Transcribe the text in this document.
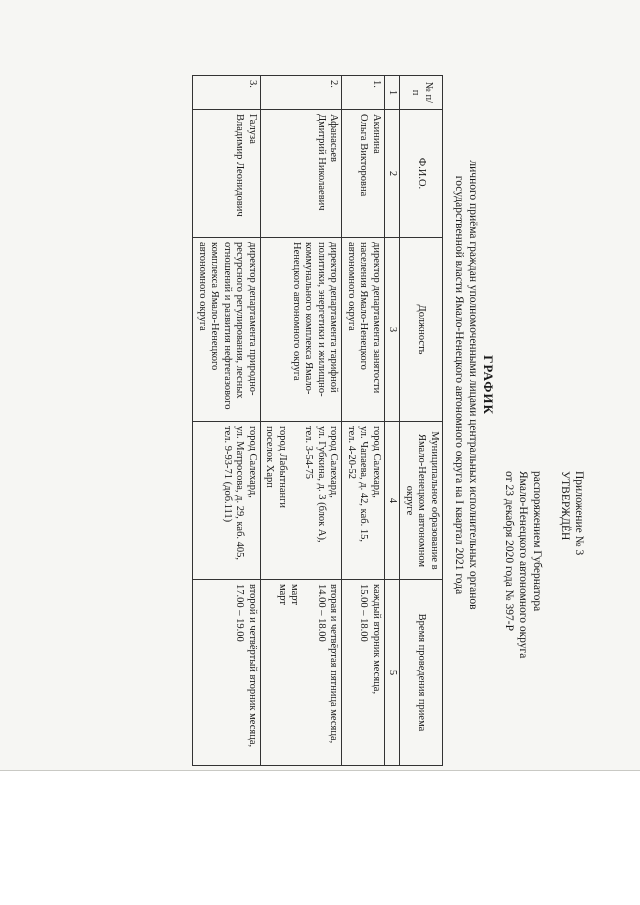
Приложение № 3
УТВЕРЖДЁН
распоряжением Губернатора
Ямало-Ненецкого автономного округа
от 23 декабря 2020 года № 397-Р
ГРАФИК
личного приёма граждан уполномоченными лицами центральных исполнительных органов
государственной власти Ямало-Ненецкого автономного округа на I квартал 2021 года
№ п/п	Ф.И.О.	Должность	Муниципальное образование в Ямало-Ненецком автономном округе	Время проведения приема
1	2	3	4	5
1.	Акинина
Ольга Викторовна	директор департамента занятости населения Ямало-Ненецкого автономного округа	город Салехард,
ул. Чапаева, д. 42, каб. 15,
тел. 4-20-52	каждый вторник месяца,
15.00 – 18.00

2.	Афанасьев
Дмитрий Николаевич	директор департамента тарифной политики, энергетики и жилищно-коммунального комплекса Ямало-Ненецкого автономного округа	город Салехард,
ул. Губкина, д. 3 (блок А),
тел. 3-54-75
город Лабытнанги
поселок Харп	вторая и четвёртая пятница месяца,
14.00 – 18.00
март
март

3.	Галуза
Владимир Леонидович	директор департамента природно-ресурсного регулирования, лесных отношений и развития нефтегазового комплекса Ямало-Ненецкого автономного округа	город Салехард,
ул. Матросова, д. 29, каб. 405,
тел. 9-93-71 (доб.111)	второй и четвёртый вторник месяца,
17.00 – 19.00
